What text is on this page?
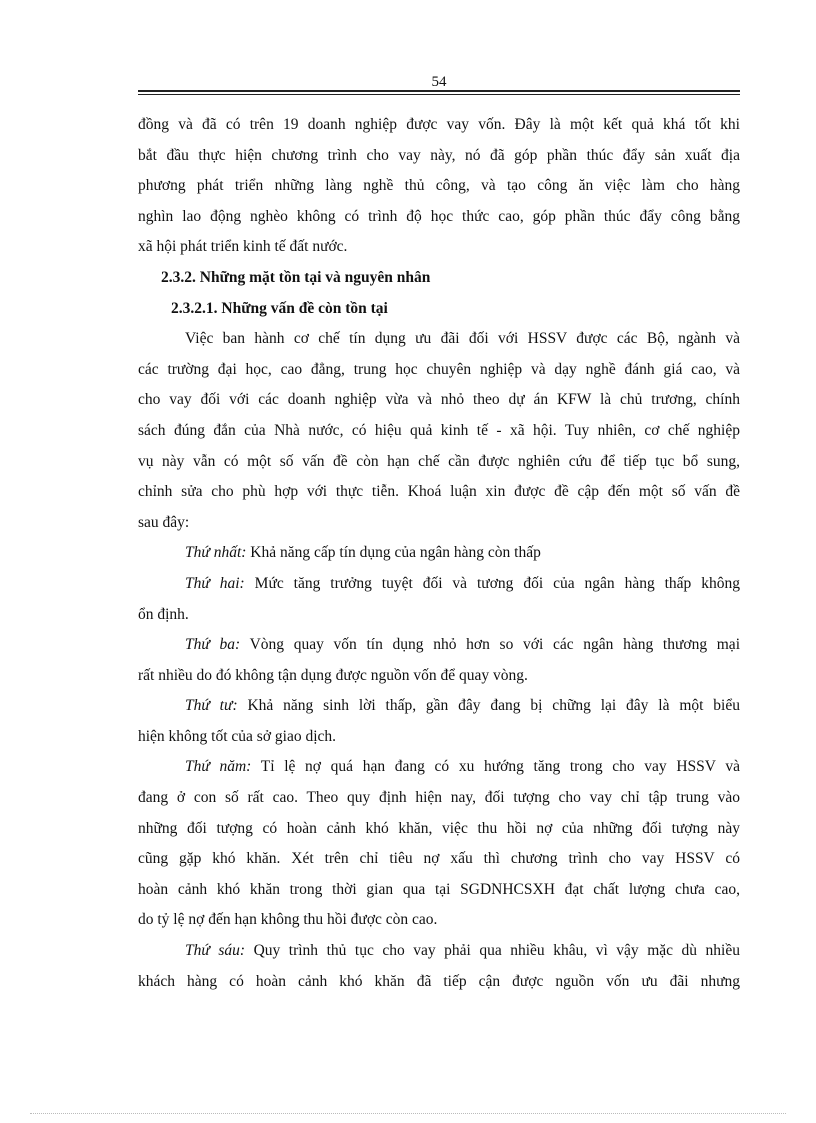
54
đồng và đã có trên 19 doanh nghiệp được vay vốn. Đây là một kết quả khá tốt khi
bắt đầu thực hiện chương trình cho vay này, nó đã góp phần thúc đẩy sản xuất địa
phương phát triển những làng nghề thủ công, và tạo công ăn việc làm cho hàng
nghìn lao động nghèo không có trình độ học thức cao, góp phần thúc đẩy công bằng
xã hội phát triển kinh tế đất nước.
2.3.2. Những mặt tồn tại và nguyên nhân
2.3.2.1. Những vấn đề còn tồn tại
Việc ban hành cơ chế tín dụng ưu đãi đối với HSSV được các Bộ, ngành và
các trường đại học, cao đẳng, trung học chuyên nghiệp và dạy nghề đánh giá cao, và
cho vay đối với các doanh nghiệp vừa và nhỏ theo dự án KFW là chủ trương, chính
sách đúng đắn của Nhà nước, có hiệu quả kinh tế - xã hội. Tuy nhiên, cơ chế nghiệp
vụ này vẫn có một số vấn đề còn hạn chế cần được nghiên cứu để tiếp tục bổ sung,
chỉnh sửa cho phù hợp với thực tiễn. Khoá luận xin được đề cập đến một số vấn đề
sau đây:
Thứ nhất: Khả năng cấp tín dụng của ngân hàng còn thấp
Thứ hai: Mức tăng trưởng tuyệt đối và tương đối của ngân hàng thấp không
ổn định.
Thứ ba: Vòng quay vốn tín dụng nhỏ hơn so với các ngân hàng thương mại
rất nhiều do đó không tận dụng được nguồn vốn để quay vòng.
Thứ tư: Khả năng sinh lời thấp, gần đây đang bị chững lại đây là một biểu
hiện không tốt của sở giao dịch.
Thứ năm: Tỉ lệ nợ quá hạn đang có xu hướng tăng trong cho vay HSSV và
đang ở con số rất cao. Theo quy định hiện nay, đối tượng cho vay chỉ tập trung vào
những đối tượng có hoàn cảnh khó khăn, việc thu hồi nợ của những đối tượng này
cũng gặp khó khăn. Xét trên chỉ tiêu nợ xấu thì chương trình cho vay HSSV có
hoàn cảnh khó khăn trong thời gian qua tại SGDNHCSXH đạt chất lượng chưa cao,
do tỷ lệ nợ đến hạn không thu hồi được còn cao.
Thứ sáu: Quy trình thủ tục cho vay phải qua nhiều khâu, vì vậy mặc dù nhiều
khách hàng có hoàn cảnh khó khăn đã tiếp cận được nguồn vốn ưu đãi nhưng
